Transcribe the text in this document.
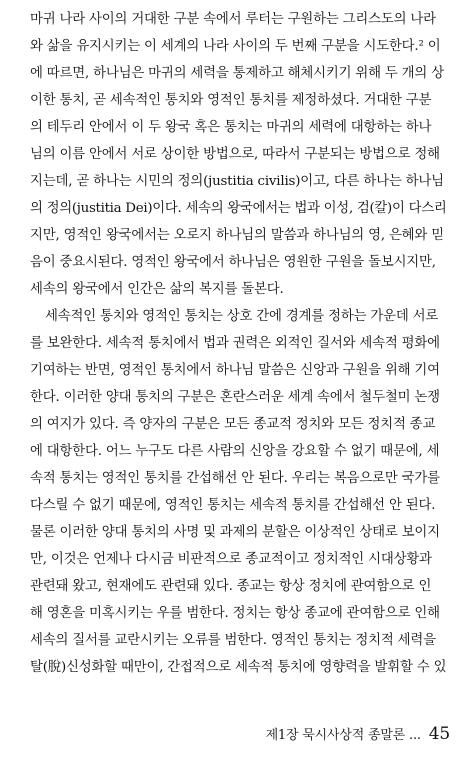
마귀 나라 사이의 거대한 구분 속에서 루터는 구원하는 그리스도의 나라
와 삶을 유지시키는 이 세계의 나라 사이의 두 번째 구분을 시도한다.² 이
에 따르면, 하나님은 마귀의 세력을 통제하고 해체시키기 위해 두 개의 상
이한 통치, 곧 세속적인 통치와 영적인 통치를 제정하셨다. 거대한 구분
의 테두리 안에서 이 두 왕국 혹은 통치는 마귀의 세력에 대항하는 하나
님의 이름 안에서 서로 상이한 방법으로, 따라서 구분되는 방법으로 정해
지는데, 곧 하나는 시민의 정의(justitia civilis)이고, 다른 하나는 하나님
의 정의(justitia Dei)이다. 세속의 왕국에서는 법과 이성, 검(칼)이 다스리
지만, 영적인 왕국에서는 오로지 하나님의 말씀과 하나님의 영, 은혜와 믿
음이 중요시된다. 영적인 왕국에서 하나님은 영원한 구원을 돌보시지만,
세속의 왕국에서 인간은 삶의 복지를 돌본다.
세속적인 통치와 영적인 통치는 상호 간에 경계를 정하는 가운데 서로
를 보완한다. 세속적 통치에서 법과 권력은 외적인 질서와 세속적 평화에
기여하는 반면, 영적인 통치에서 하나님 말씀은 신앙과 구원을 위해 기여
한다. 이러한 양대 통치의 구분은 혼란스러운 세계 속에서 철두철미 논쟁
의 여지가 있다. 즉 양자의 구분은 모든 종교적 정치와 모든 정치적 종교
에 대항한다. 어느 누구도 다른 사람의 신앙을 강요할 수 없기 때문에, 세
속적 통치는 영적인 통치를 간섭해선 안 된다. 우리는 복음으로만 국가를
다스릴 수 없기 때문에, 영적인 통치는 세속적 통치를 간섭해선 안 된다.
물론 이러한 양대 통치의 사명 및 과제의 분할은 이상적인 상태로 보이지
만, 이것은 언제나 다시금 비판적으로 종교적이고 정치적인 시대상황과
관련돼 왔고, 현재에도 관련돼 있다. 종교는 항상 정치에 관여함으로 인
해 영혼을 미혹시키는 우를 범한다. 정치는 항상 종교에 관여함으로 인해
세속의 질서를 교란시키는 오류를 범한다. 영적인 통치는 정치적 세력을
탈(脫)신성화할 때만이, 간접적으로 세속적 통치에 영향력을 발휘할 수 있
제1장 묵시사상적 종말론 ... 45
